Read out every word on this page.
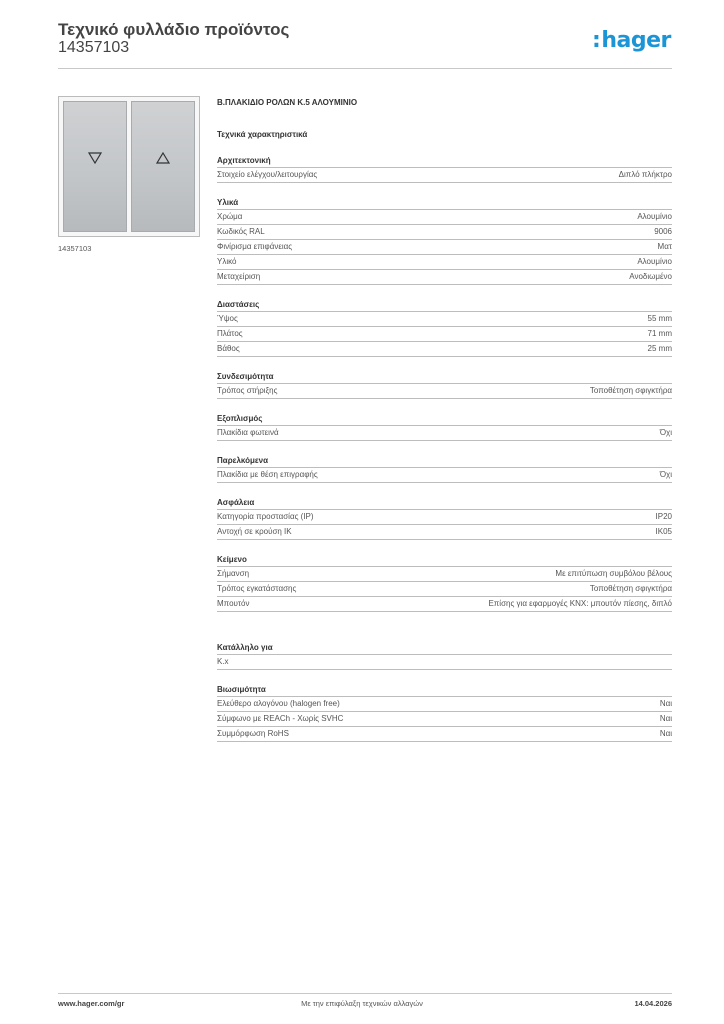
Τεχνικό φυλλάδιο προϊόντος
14357103	:hager
14357103
Β.ΠΛΑΚΙΔΙΟ ΡΟΛΩΝ Κ.5 ΑΛΟΥΜΙΝΙΟ
Τεχνικά χαρακτηριστικά
Αρχιτεκτονική
Στοιχείο ελέγχου/λειτουργίας	Διπλό πλήκτρο
Υλικά
Χρώμα	Αλουμίνιο
Κωδικός RAL	9006
Φινίρισμα επιφάνειας	Ματ
Υλικό	Αλουμίνιο
Μεταχείριση	Ανοδιωμένο
Διαστάσεις
Ύψος	55 mm
Πλάτος	71 mm
Βάθος	25 mm
Συνδεσιμότητα
Τρόπος στήριξης	Τοποθέτηση σφιγκτήρα
Εξοπλισμός
Πλακίδια φωτεινά	Όχι
Παρελκόμενα
Πλακίδια με θέση επιγραφής	Όχι
Ασφάλεια
Κατηγορία προστασίας (IP)	IP20
Αντοχή σε κρούση IK	IK05
Κείμενο
Σήμανση	Με επιτύπωση συμβόλου βέλους
Τρόπος εγκατάστασης	Τοποθέτηση σφιγκτήρα
Μπουτόν	Επίσης για εφαρμογές KNX: μπουτόν πίεσης, διπλό
Κατάλληλο για
K.x
Βιωσιμότητα
Ελεύθερο αλογόνου (halogen free)	Ναι
Σύμφωνο με REACh - Χωρίς SVHC	Ναι
Συμμόρφωση RoHS	Ναι
www.hager.com/gr	Με την επιφύλαξη τεχνικών αλλαγών	14.04.2026
